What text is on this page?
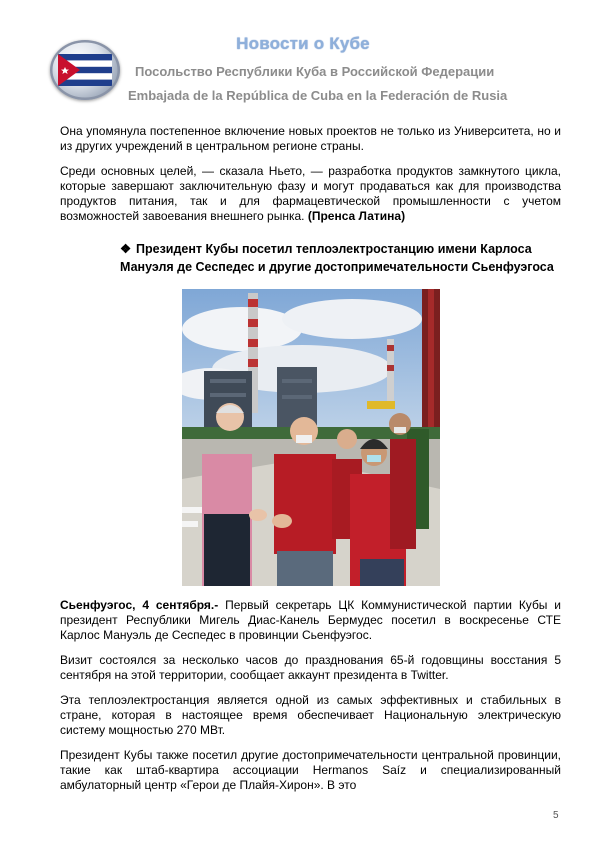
Новости о Кубе
Посольство Республики Куба в Российской Федерации
Embajada de la República de Cuba en la Federación de Rusia

Она упомянула постепенное включение новых проектов не только из Университета, но и из других учреждений в центральном регионе страны.

Среди основных целей, — сказала Ньето, — разработка продуктов замкнутого цикла, которые завершают заключительную фазу и могут продаваться как для производства продуктов питания, так и для фармацевтической промышленности с учетом возможностей завоевания внешнего рынка. (Пренса Латина)

❖ Президент Кубы посетил теплоэлектростанцию имени Карлоса Мануэля де Сеспедес и другие достопримечательности Сьенфуэгоса

Сьенфуэгос, 4 сентября.- Первый секретарь ЦК Коммунистической партии Кубы и президент Республики Мигель Диас-Канель Бермудес посетил в воскресенье СТЕ Карлос Мануэль де Сеспедес в провинции Сьенфуэгос.

Визит состоялся за несколько часов до празднования 65-й годовщины восстания 5 сентября на этой территории, сообщает аккаунт президента в Twitter.

Эта теплоэлектростанция является одной из самых эффективных и стабильных в стране, которая в настоящее время обеспечивает Национальную электрическую систему мощностью 270 МВт.

Президент Кубы также посетил другие достопримечательности центральной провинции, такие как штаб-квартира ассоциации Hermanos Saíz и специализированный амбулаторный центр «Герои де Плайя-Хирон». В это

5
